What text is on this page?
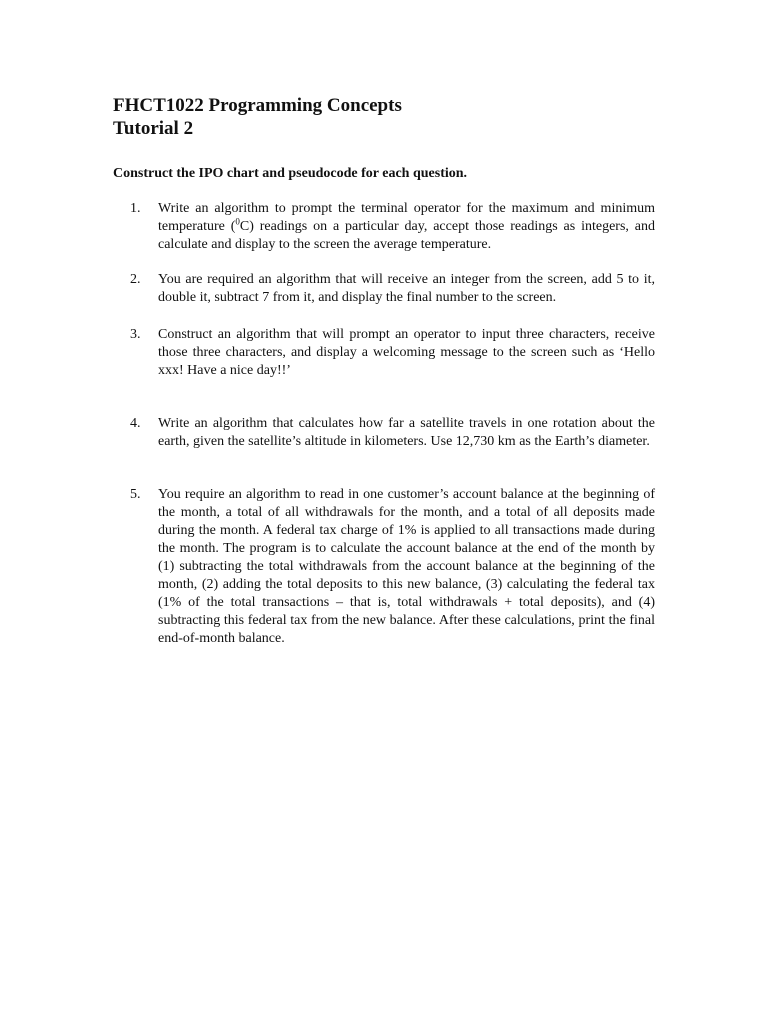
FHCT1022 Programming Concepts
Tutorial 2

Construct the IPO chart and pseudocode for each question.

1.	Write an algorithm to prompt the terminal operator for the maximum and minimum temperature ($^0$C) readings on a particular day, accept those readings as integers, and calculate and display to the screen the average temperature.
2.	You are required an algorithm that will receive an integer from the screen, add 5 to it, double it, subtract 7 from it, and display the final number to the screen.
3.	Construct an algorithm that will prompt an operator to input three characters, receive those three characters, and display a welcoming message to the screen such as ‘Hello xxx! Have a nice day!!’
4.	Write an algorithm that calculates how far a satellite travels in one rotation about the earth, given the satellite’s altitude in kilometers. Use 12,730 km as the Earth’s diameter.
5.	You require an algorithm to read in one customer’s account balance at the beginning of the month, a total of all withdrawals for the month, and a total of all deposits made during the month. A federal tax charge of 1% is applied to all transactions made during the month. The program is to calculate the account balance at the end of the month by (1) subtracting the total withdrawals from the account balance at the beginning of the month, (2) adding the total deposits to this new balance, (3) calculating the federal tax (1% of the total transactions – that is, total withdrawals + total deposits), and (4) subtracting this federal tax from the new balance. After these calculations, print the final end-of-month balance.
